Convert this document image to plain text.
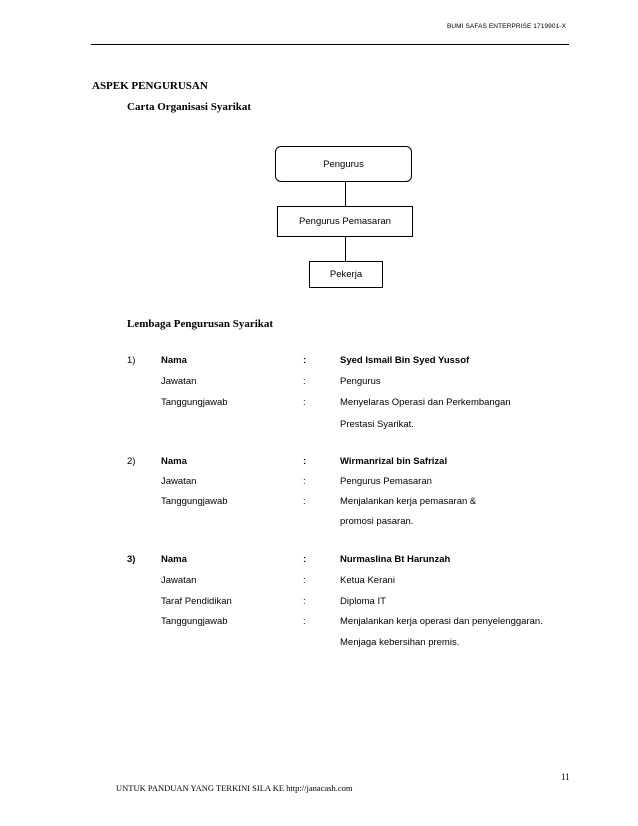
BUMI SAFAS ENTERPRISE 1719901-X
ASPEK PENGURUSAN
Carta Organisasi Syarikat
Pengurus
Pengurus Pemasaran
Pekerja
Lembaga Pengurusan Syarikat
1)	Nama	:	Syed Ismail Bin Syed Yussof
Jawatan	:	Pengurus
Tanggungjawab	:	Menyelaras Operasi dan Perkembangan
Prestasi Syarikat.
2)	Nama	:	Wirmanrizal bin Safrizal
Jawatan	:	Pengurus Pemasaran
Tanggungjawab	:	Menjalankan kerja pemasaran &
promosi pasaran.
3)	Nama	:	Nurmaslina Bt Harunzah
Jawatan	:	Ketua Kerani
Taraf Pendidikan	:	Diploma IT
Tanggungjawab	:	Menjalankan kerja operasi dan penyelenggaran.
Menjaga kebersihan premis.
11
UNTUK PANDUAN YANG TERKINI SILA KE http://janacash.com
